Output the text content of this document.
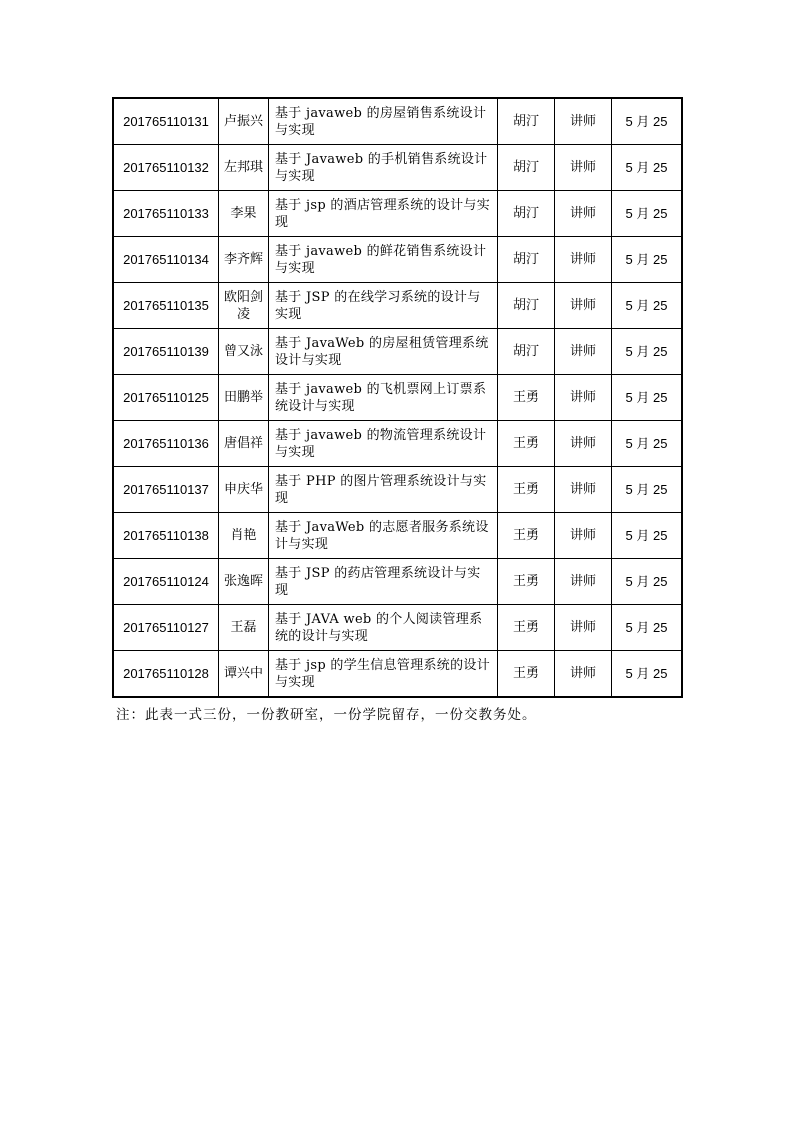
201765110131	卢振兴	基于 javaweb 的房屋销售系统设计与实现	胡汀	讲师	5 月 25
201765110132	左邦琪	基于 Javaweb 的手机销售系统设计与实现	胡汀	讲师	5 月 25
201765110133	李果	基于 jsp 的酒店管理系统的设计与实现	胡汀	讲师	5 月 25
201765110134	李齐辉	基于 javaweb 的鲜花销售系统设计与实现	胡汀	讲师	5 月 25
201765110135	欧阳剑凌	基于 JSP 的在线学习系统的设计与实现	胡汀	讲师	5 月 25
201765110139	曾又泳	基于 JavaWeb 的房屋租赁管理系统设计与实现	胡汀	讲师	5 月 25
201765110125	田鹏举	基于 javaweb 的飞机票网上订票系统设计与实现	王勇	讲师	5 月 25
201765110136	唐倡祥	基于 javaweb 的物流管理系统设计与实现	王勇	讲师	5 月 25
201765110137	申庆华	基于 PHP 的图片管理系统设计与实现	王勇	讲师	5 月 25
201765110138	肖艳	基于 JavaWeb 的志愿者服务系统设计与实现	王勇	讲师	5 月 25
201765110124	张逸晖	基于 JSP 的药店管理系统设计与实现	王勇	讲师	5 月 25
201765110127	王磊	基于 JAVA web 的个人阅读管理系统的设计与实现	王勇	讲师	5 月 25
201765110128	谭兴中	基于 jsp 的学生信息管理系统的设计与实现	王勇	讲师	5 月 25
注：此表一式三份，一份教研室，一份学院留存，一份交教务处。
